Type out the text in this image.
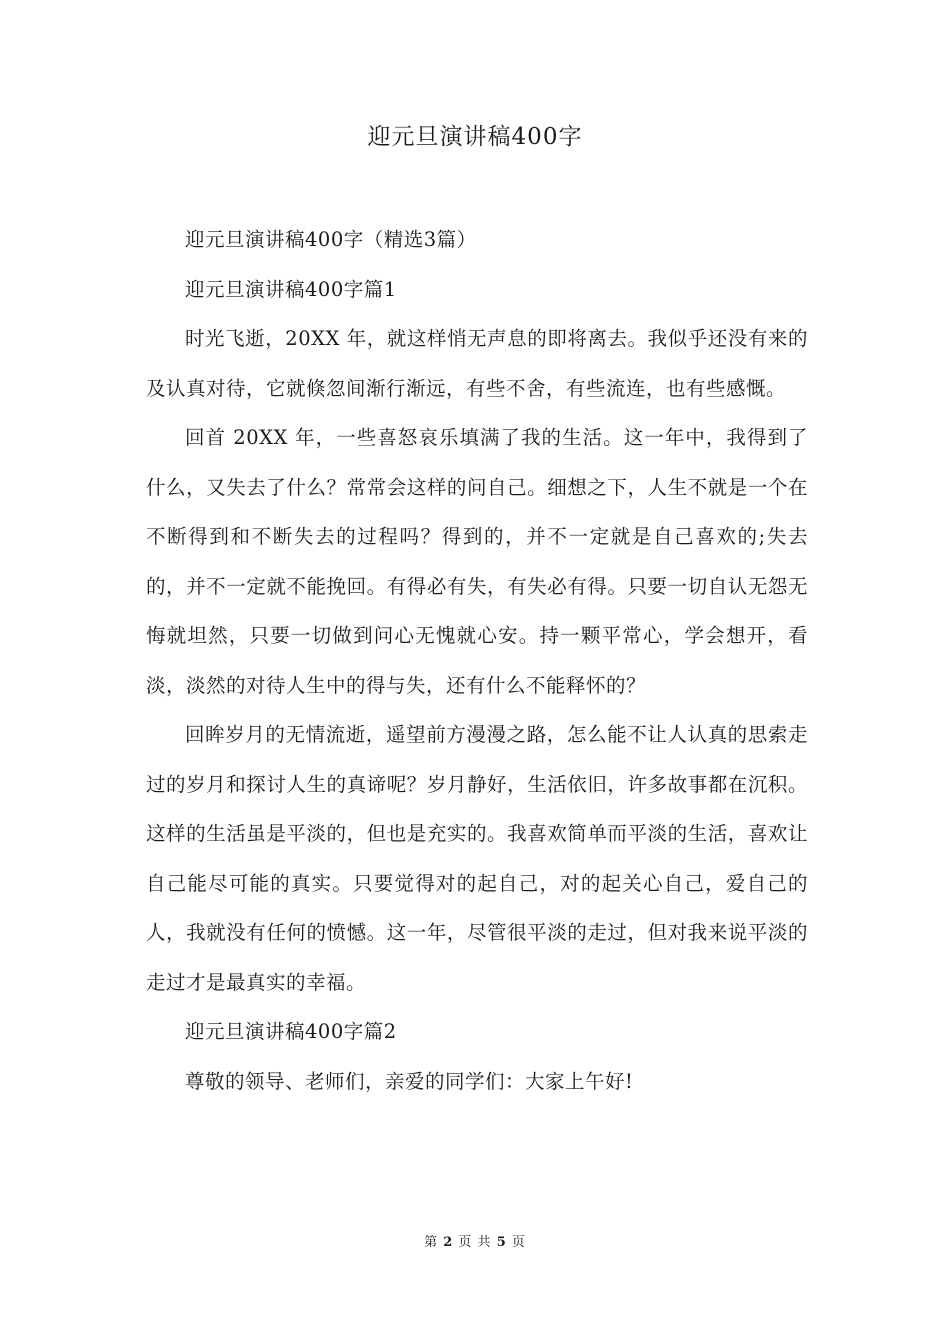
迎元旦演讲稿400字

迎元旦演讲稿400字（精选3篇）

迎元旦演讲稿400字篇1

时光飞逝，20XX 年，就这样悄无声息的即将离去。我似乎还没有来的及认真对待，它就倏忽间渐行渐远，有些不舍，有些流连，也有些感慨。

回首 20XX 年，一些喜怒哀乐填满了我的生活。这一年中，我得到了什么，又失去了什么？常常会这样的问自己。细想之下，人生不就是一个在不断得到和不断失去的过程吗？得到的，并不一定就是自己喜欢的;失去的，并不一定就不能挽回。有得必有失，有失必有得。只要一切自认无怨无悔就坦然，只要一切做到问心无愧就心安。持一颗平常心，学会想开，看淡，淡然的对待人生中的得与失，还有什么不能释怀的？

回眸岁月的无情流逝，遥望前方漫漫之路，怎么能不让人认真的思索走过的岁月和探讨人生的真谛呢？岁月静好，生活依旧，许多故事都在沉积。这样的生活虽是平淡的，但也是充实的。我喜欢简单而平淡的生活，喜欢让自己能尽可能的真实。只要觉得对的起自己，对的起关心自己，爱自己的人，我就没有任何的愤憾。这一年，尽管很平淡的走过，但对我来说平淡的走过才是最真实的幸福。

迎元旦演讲稿400字篇2

尊敬的领导、老师们，亲爱的同学们：大家上午好!

第 2 页 共 5 页
